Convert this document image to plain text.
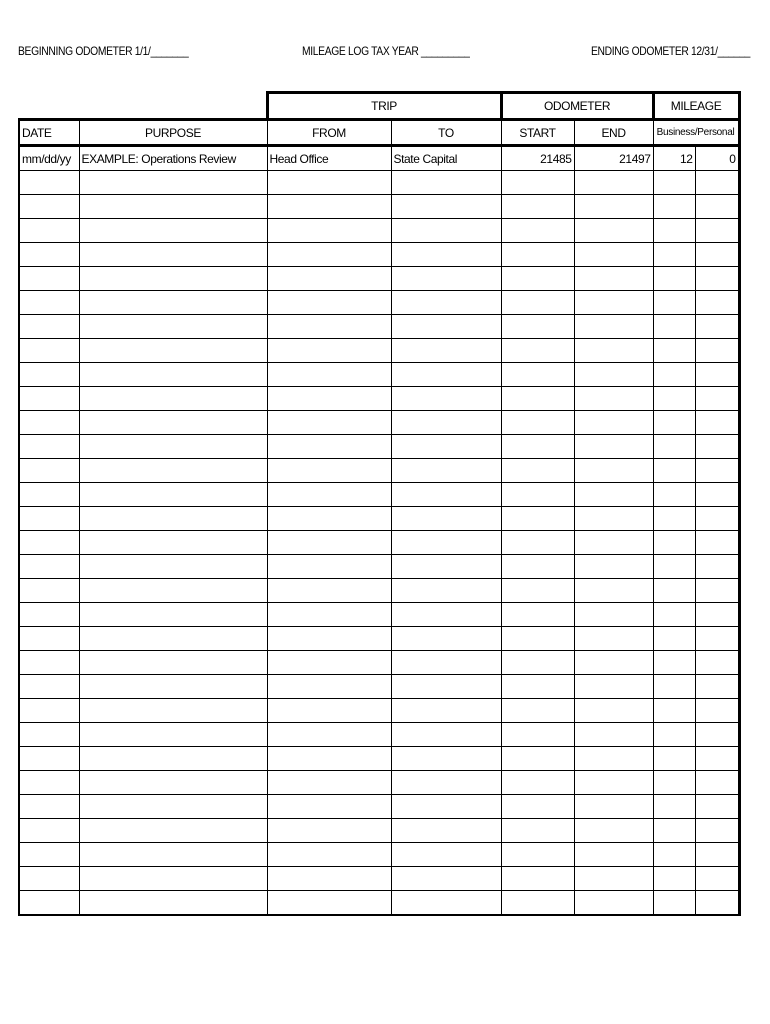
BEGINNING ODOMETER 1/1/_______	MILEAGE LOG TAX YEAR _________	ENDING ODOMETER 12/31/______
		TRIP		ODOMETER		MILEAGE	
DATE	PURPOSE	FROM	TO	START	END	Business/Personal	
mm/dd/yy	EXAMPLE: Operations Review	Head Office	State Capital	21485	21497	12	0
